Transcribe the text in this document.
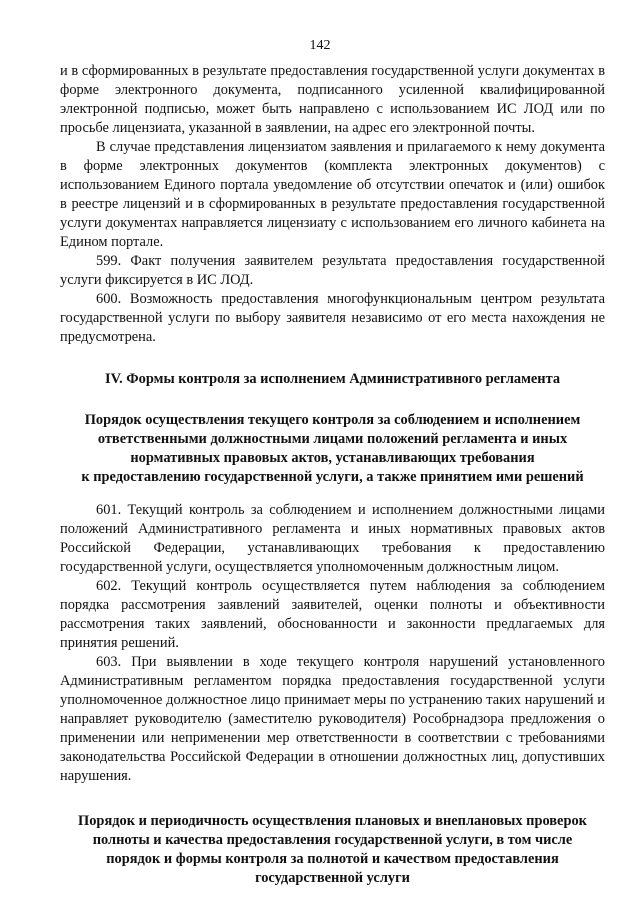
142

и в сформированных в результате предоставления государственной услуги документах в форме электронного документа, подписанного усиленной квалифицированной электронной подписью, может быть направлено с использованием ИС ЛОД или по просьбе лицензиата, указанной в заявлении, на адрес его электронной почты.

В случае представления лицензиатом заявления и прилагаемого к нему документа в форме электронных документов (комплекта электронных документов) с использованием Единого портала уведомление об отсутствии опечаток и (или) ошибок в реестре лицензий и в сформированных в результате предоставления государственной услуги документах направляется лицензиату с использованием его личного кабинета на Едином портале.

599. Факт получения заявителем результата предоставления государственной услуги фиксируется в ИС ЛОД.

600. Возможность предоставления многофункциональным центром результата государственной услуги по выбору заявителя независимо от его места нахождения не предусмотрена.

IV. Формы контроля за исполнением Административного регламента
Порядок осуществления текущего контроля за соблюдением и исполнением
ответственными должностными лицами положений регламента и иных
нормативных правовых актов, устанавливающих требования
к предоставлению государственной услуги, а также принятием ими решений

601. Текущий контроль за соблюдением и исполнением должностными лицами положений Административного регламента и иных нормативных правовых актов Российской Федерации, устанавливающих требования к предоставлению государственной услуги, осуществляется уполномоченным должностным лицом.

602. Текущий контроль осуществляется путем наблюдения за соблюдением порядка рассмотрения заявлений заявителей, оценки полноты и объективности рассмотрения таких заявлений, обоснованности и законности предлагаемых для принятия решений.

603. При выявлении в ходе текущего контроля нарушений установленного Административным регламентом порядка предоставления государственной услуги уполномоченное должностное лицо принимает меры по устранению таких нарушений и направляет руководителю (заместителю руководителя) Рособрнадзора предложения о применении или неприменении мер ответственности в соответствии с требованиями законодательства Российской Федерации в отношении должностных лиц, допустивших нарушения.

Порядок и периодичность осуществления плановых и внеплановых проверок
полноты и качества предоставления государственной услуги, в том числе
порядок и формы контроля за полнотой и качеством предоставления
государственной услуги
